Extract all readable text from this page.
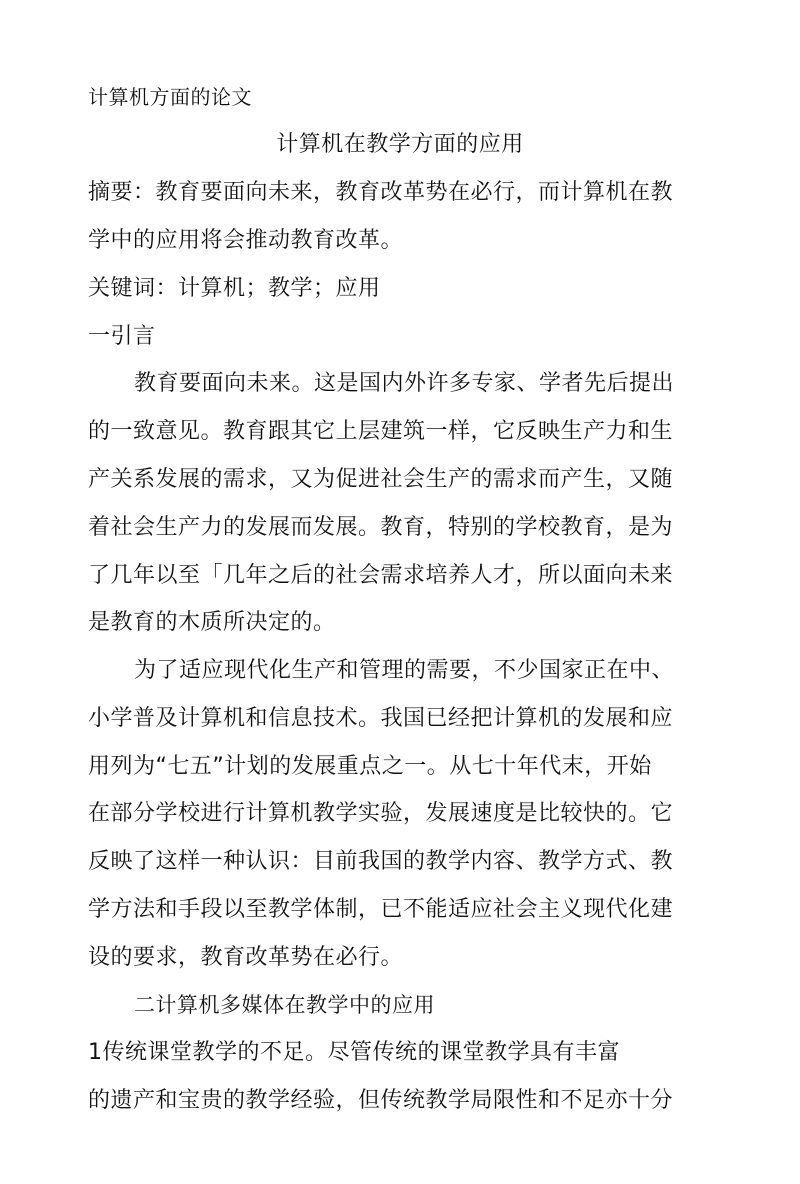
计算机方面的论文
计算机在教学方面的应用
摘要：教育要面向未来，教育改革势在必行，而计算机在教
学中的应用将会推动教育改革。
关键词：计算机；教学；应用
一引言
教育要面向未来。这是国内外许多专家、学者先后提出
的一致意见。教育跟其它上层建筑一样，它反映生产力和生
产关系发展的需求，又为促进社会生产的需求而产生，又随
着社会生产力的发展而发展。教育，特别的学校教育，是为
了几年以至「几年之后的社会需求培养人才，所以面向未来
是教育的木质所决定的。
为了适应现代化生产和管理的需要，不少国家正在中、
小学普及计算机和信息技术。我国已经把计算机的发展和应
用列为“七五”计划的发展重点之一。从七十年代末，开始
在部分学校进行计算机教学实验，发展速度是比较快的。它
反映了这样一种认识：目前我国的教学内容、教学方式、教
学方法和手段以至教学体制，已不能适应社会主义现代化建
设的要求，教育改革势在必行。
二计算机多媒体在教学中的应用
1传统课堂教学的不足。尽管传统的课堂教学具有丰富
的遗产和宝贵的教学经验，但传统教学局限性和不足亦十分
